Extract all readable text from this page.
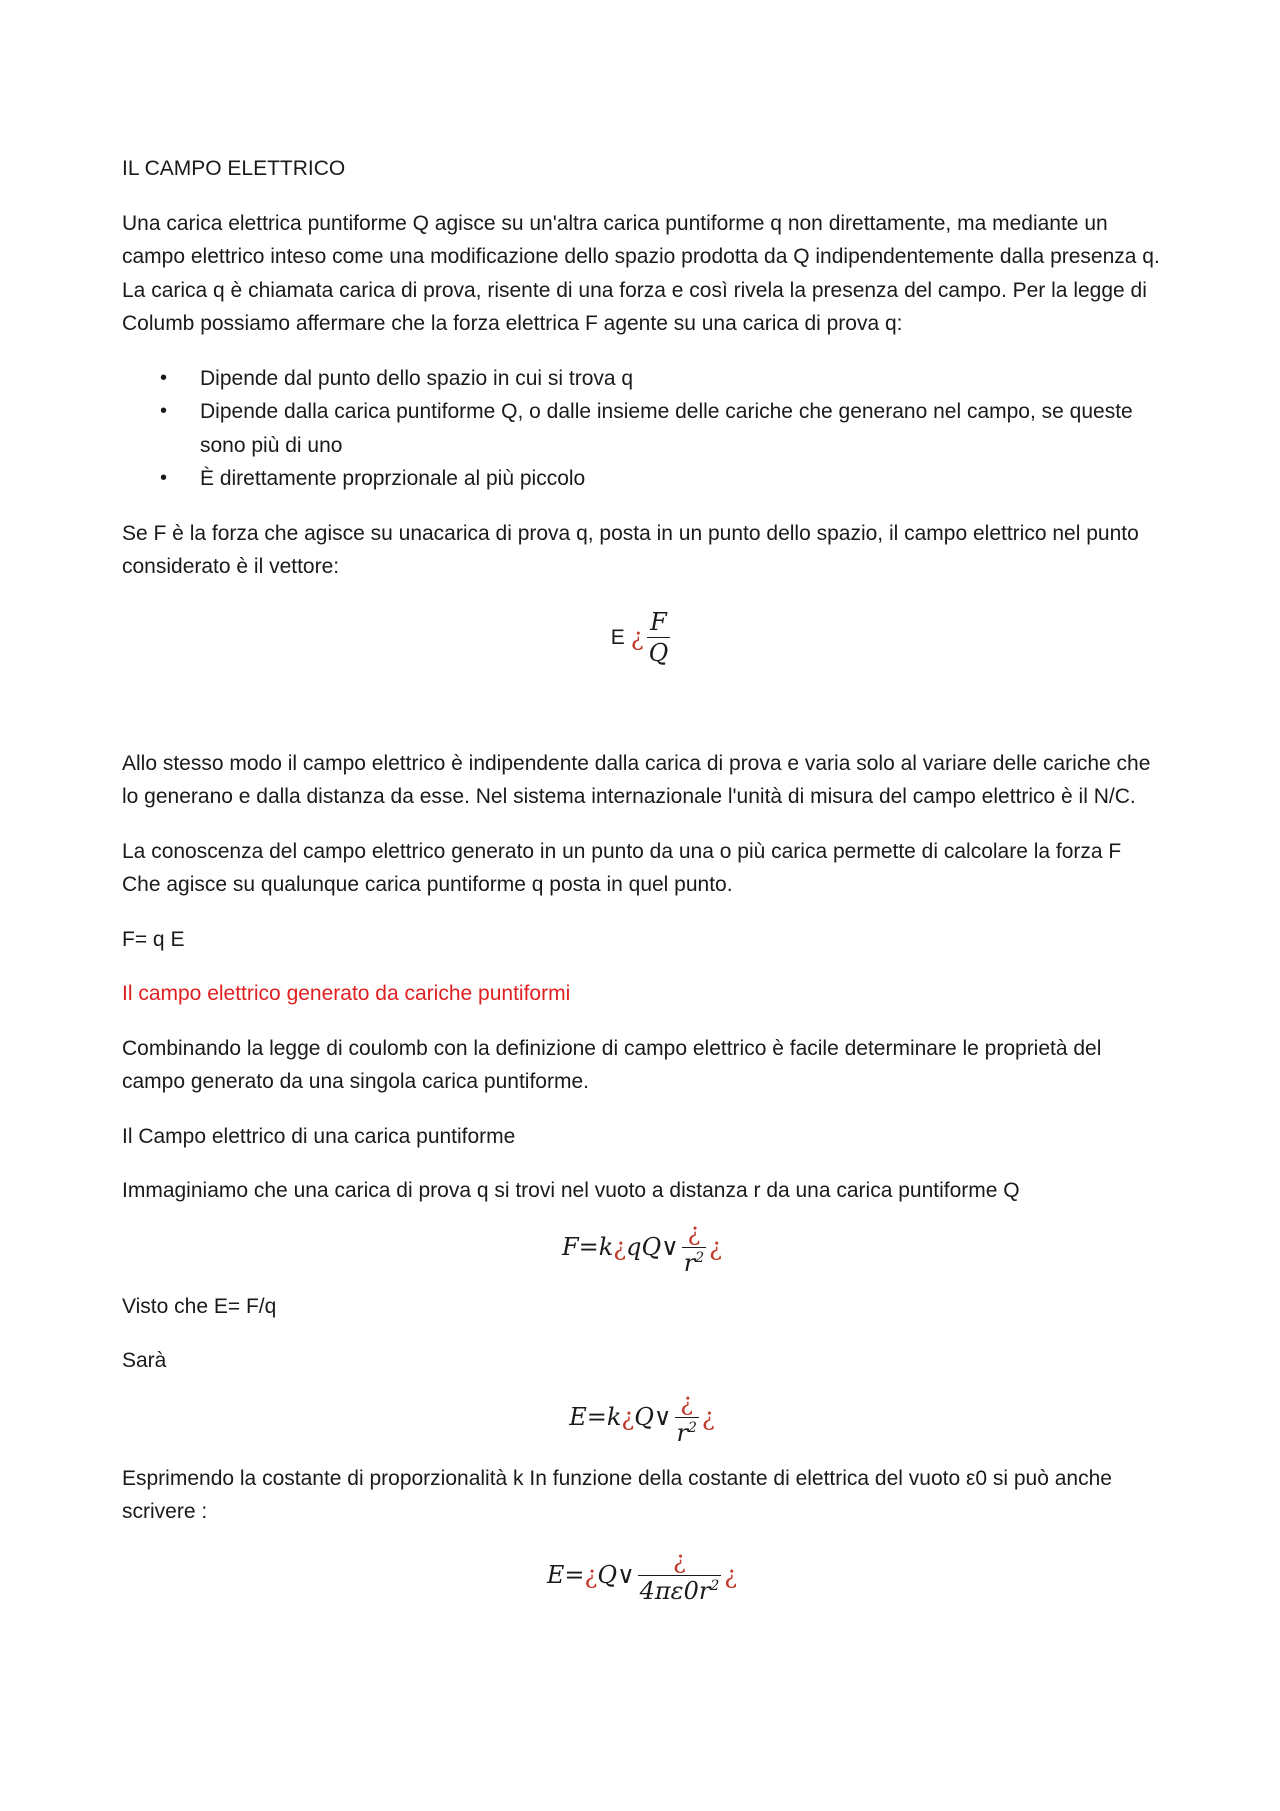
IL CAMPO ELETTRICO

Una carica elettrica puntiforme Q agisce su un'altra carica puntiforme q non direttamente, ma mediante un campo elettrico inteso come una modificazione dello spazio prodotta da Q indipendentemente dalla presenza q. La carica q è chiamata carica di prova, risente di una forza e così rivela la presenza del campo. Per la legge di Columb possiamo affermare che la forza elettrica F agente su una carica di prova q:

• Dipende dal punto dello spazio in cui si trova q
• Dipende dalla carica puntiforme Q, o dalle insieme delle cariche che generano nel campo, se queste sono più di uno
• È direttamente proprzionale al più piccolo

Se F è la forza che agisce su unacarica di prova q, posta in un punto dello spazio, il campo elettrico nel punto considerato è il vettore:

E ¿ $\frac{F}{Q}$

Allo stesso modo il campo elettrico è indipendente dalla carica di prova e varia solo al variare delle cariche che lo generano e dalla distanza da esse. Nel sistema internazionale l'unità di misura del campo elettrico è il N/C.

La conoscenza del campo elettrico generato in un punto da una o più carica permette di calcolare la forza F Che agisce su qualunque carica puntiforme q posta in quel punto.

F= q E

Il campo elettrico generato da cariche puntiformi

Combinando la legge di coulomb con la definizione di campo elettrico è facile determinare le proprietà del campo generato da una singola carica puntiforme.

Il Campo elettrico di una carica puntiforme

Immaginiamo che una carica di prova q si trovi nel vuoto a distanza r da una carica puntiforme Q

F=k ¿ qQ∨ $\frac{¿}{r^2}$ ¿

Visto che E= F/q

Sarà

E=k ¿ Q∨ $\frac{¿}{r^2}$ ¿

Esprimendo la costante di proporzionalità k In funzione della costante di elettrica del vuoto ε0 si può anche scrivere :

E= ¿ Q∨ $\frac{¿}{4\pi\varepsilon 0r^2}$ ¿
